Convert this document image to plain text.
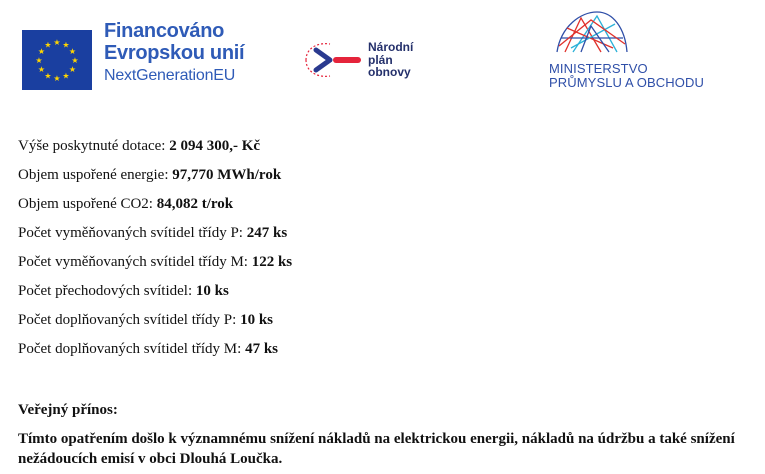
★ ★
★
★
★
★
★
★
★
★
★
★
Financováno
Evropskou unií
NextGenerationEU
Národní
plán
obnovy	MINISTERSTVO
PRŮMYSLU A OBCHODU
Výše poskytnuté dotace: 2 094 300,- Kč
Objem uspořené energie: 97,770 MWh/rok
Objem uspořené CO2: 84,082 t/rok
Počet vyměňovaných svítidel třídy P: 247 ks
Počet vyměňovaných svítidel třídy M: 122 ks
Počet přechodových svítidel: 10 ks
Počet doplňovaných svítidel třídy P: 10 ks
Počet doplňovaných svítidel třídy M: 47 ks

Veřejný přínos:

Tímto opatřením došlo k významnému snížení nákladů na elektrickou energii, nákladů na údržbu a také snížení nežádoucích emisí v obci Dlouhá Loučka.
